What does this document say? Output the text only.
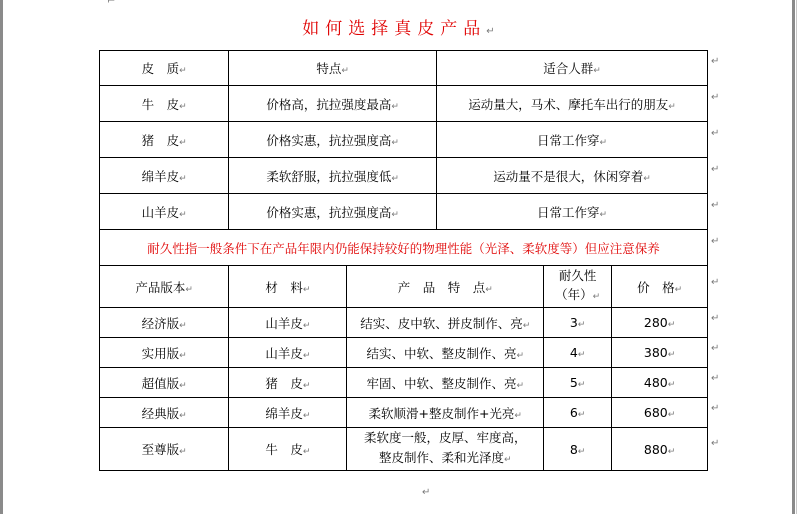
⌐
如何选择真皮产品↵
皮　质↵	特点↵		适合人群↵		
牛　皮↵	价格高，抗拉强度最高↵		运动量大，马术、摩托车出行的朋友↵		
猪　皮↵	价格实惠，抗拉强度高↵		日常工作穿↵		
绵羊皮↵	柔软舒服，抗拉强度低↵		运动量不是很大，休闲穿着↵		
山羊皮↵	价格实惠，抗拉强度高↵		日常工作穿↵		
耐久性指一般条件下在产品年限内仍能保持较好的物理性能（光泽、柔软度等）但应注意保养					
产品版本↵	材　料↵	产　品　特　点↵		耐久性
（年）↵	价　格↵
经济版↵	山羊皮↵	结实、皮中软、拼皮制作、亮↵		3↵	280↵
实用版↵	山羊皮↵	结实、中软、整皮制作、亮↵		4↵	380↵
超值版↵	猪　皮↵	牢固、中软、整皮制作、亮↵		5↵	480↵
经典版↵	绵羊皮↵	柔软顺滑+整皮制作+光亮↵		6↵	680↵
至尊版↵	牛　皮↵	柔软度一般，皮厚、牢度高，
整皮制作、柔和光泽度↵		8↵	880↵
↵
↵
↵
↵
↵
↵
↵
↵
↵
↵
↵
↵
↵
